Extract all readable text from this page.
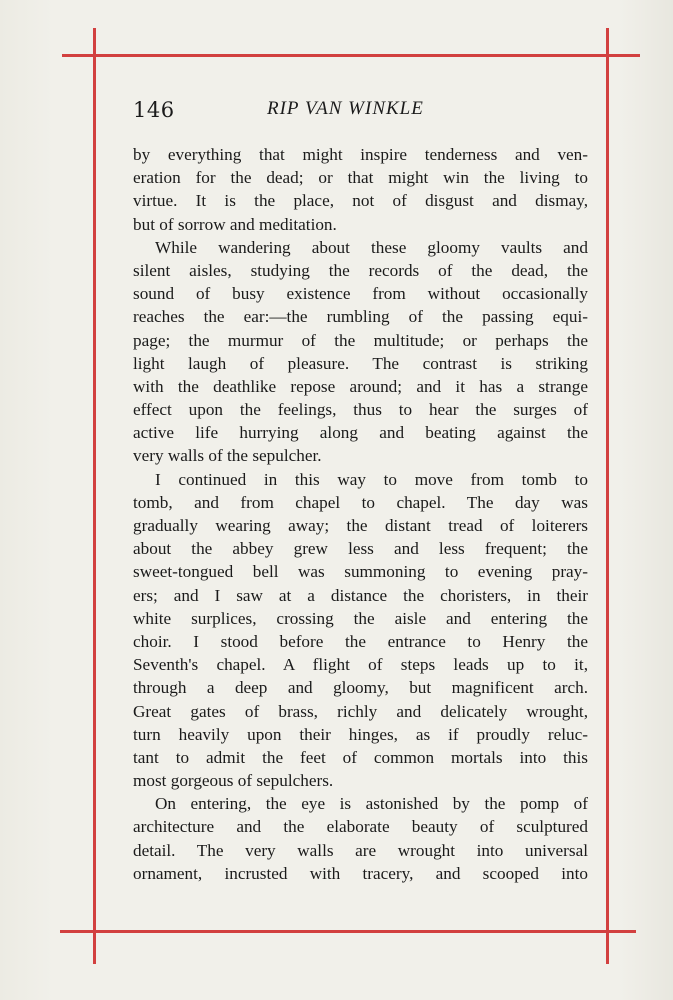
146	RIP VAN WINKLE
by everything that might inspire tenderness and ven-
eration for the dead; or that might win the living to
virtue. It is the place, not of disgust and dismay,
but of sorrow and meditation.
While wandering about these gloomy vaults and
silent aisles, studying the records of the dead, the
sound of busy existence from without occasionally
reaches the ear:—the rumbling of the passing equi-
page; the murmur of the multitude; or perhaps the
light laugh of pleasure. The contrast is striking
with the deathlike repose around; and it has a strange
effect upon the feelings, thus to hear the surges of
active life hurrying along and beating against the
very walls of the sepulcher.
I continued in this way to move from tomb to
tomb, and from chapel to chapel. The day was
gradually wearing away; the distant tread of loiterers
about the abbey grew less and less frequent; the
sweet-tongued bell was summoning to evening pray-
ers; and I saw at a distance the choristers, in their
white surplices, crossing the aisle and entering the
choir. I stood before the entrance to Henry the
Seventh's chapel. A flight of steps leads up to it,
through a deep and gloomy, but magnificent arch.
Great gates of brass, richly and delicately wrought,
turn heavily upon their hinges, as if proudly reluc-
tant to admit the feet of common mortals into this
most gorgeous of sepulchers.
On entering, the eye is astonished by the pomp of
architecture and the elaborate beauty of sculptured
detail. The very walls are wrought into universal
ornament, incrusted with tracery, and scooped into
